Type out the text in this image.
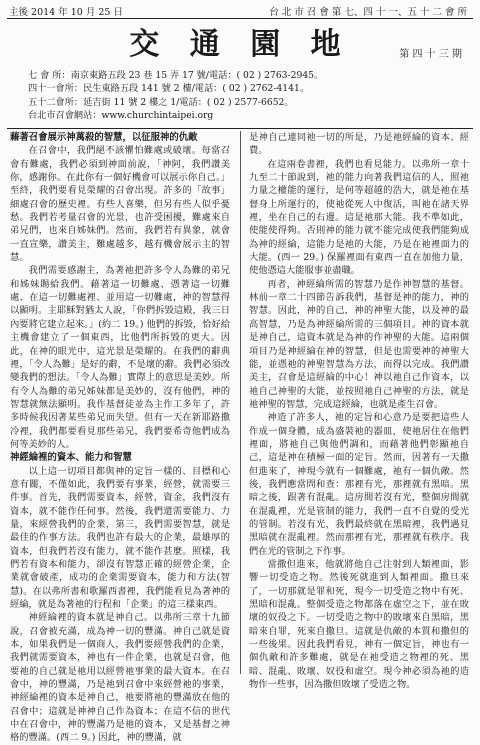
主後 2014 年 10 月 25 日	台 北 市 召 會 第 七、四 十 一、五 十 二 會 所
交 通 園 地	第 四 十 三 期
七 會 所：南京東路五段 23 巷 15 弄 17 號/電話：( 02 ) 2763-2945。
四十一會所：民生東路五段 141 號 2 樓/電話：( 02 ) 2762-4141。
五十二會所：延吉街 11 號 2 樓之 1/電話：( 02 ) 2577-6652。
台北市召會網站：www.churchintaipei.org
藉著召會展示神萬殺的智慧，以征服神的仇敵

在召會中，我們絕不該懼怕難處或破壞。每當召會有難處，我們必須到神面前說，「神阿，我們讚美你，感謝你。在此你有一個好機會可以展示你自己。」至終，我們要看見榮耀的召會出現。許多的「故事」細處召會的歷史裡。有些人喜樂，但另有些人似乎憂愁。我們若考量召會的光景，也許受困擾，難處來自弟兄們，也來自姊妹們。然而，我們若有異象，就會一直宣樂，讚美主，難處越多，越有機會展示主的智慧。

我們需要感謝主，為著祂把許多令人為難的弟兄和姊妹賜給我們。藉著這一切難處、憑著這一切難處、在這一切難處裡、並用這一切難處，神的智慧得以顯明。主耶穌對猶太人說，「你們拆毀這殿，我三日內要將它建立起來。」(約二 19。) 他們的拆毀，恰好給主機會建立了一個東西，比他們所拆毀的更大。因此，在神的眼光中，這光景是榮耀的。在我們的辭典裡，「令人為難」是好的辭，不是壞的辭。我們必須改變我們的想法。「令人為難」實際上的意思是美妙。所有令人為難的弟兄姊妹都是美妙的，沒有他們，神的智慧就無法顯明。我作基督徒並為主作工多年了，許多時候我因著某些弟兄而失望。但有一天在新耶路撒冷裡，我們都要看見那些弟兄，我們要希奇他們成為何等美妙的人。

神經綸裡的資本、能力和智慧

以上這一切項目都與神的定旨一樣的、目標和心意有關，不僅如此，我們要有事業，經營，就需要三件事。首先，我們需要資本，經營，資金，我們沒有資本，就不能作任何事。然後，我們還需要能力、力量，來經營我們的企業，第三，我們需要智慧，就是最佳的作事方法。我們也許有最大的企業，最雄厚的資本，但我們若沒有能力，就不能作甚麼。照樣，我們若有資本和能力，卻沒有智慧正確的經營企業，企業就會破產，成功的企業需要資本，能力和方法(智慧)。在以弗所書和歌羅西書裡，我們能看見為著神的經綸，就是為著祂的行程和「企業」的這三樣東西。

神經綸裡的資本就是神自己。以弗所三章十九節說，召會被充滿，成為神一切的豐滿。神自己就是資本，如果我們是一個商人，我們要經營我們的企業，我們就需要資本，神也有一件企業，也就是召會，他要祂的自己就是祂用以經營祂事業的最大資本。在召會中，神的豐滿，乃是祂到召會中來經營祂的事業，神經綸裡的資本是神自己，祂要將祂的豐滿放在他的召會中；這就是神神自己作為資本；在這不信的世代中在召會中，神的豐滿乃是祂的資本，又是基督之神格的豐滿。(西二 9。) 因此，神的豐滿，就

是神自己連同祂一切的所是，乃是祂經綸的資本、經費。

在這兩卷書裡，我們也看見能力。以弗所一章十九至二十節說到，祂的能力向著我們這信的人，照祂力量之權能的運行，是何等超越的浩大，就是祂在基督身上所運行的，使祂從死人中復活，叫祂在諸天界裡，坐在自己的右邊。這是祂那大能。我不準如此，使能使得夠。否則神的能力就不能完成使我們能夠成為神的經綸，這能力是祂的大能，乃是在祂裡面力的大能。(西一 29。) 保羅裡面有東西一直在加他力量，使他憑這大能服事並盡職。

再者，神經綸所需的智慧乃是作神智慧的基督。林前一章二十四節告訴我們，基督是神的能力，神的智慧。因此，神的自己，神的神聖大能，以及神的最高智慧，乃是為神經綸所需的三個項目。神的資本就是神自己，這資本就是為神的作神聖的大能。這兩個項目乃是神經綸在神的智慧，但是也需要神的神聖大能，並憑祂的神聖智慧為方法，而得以完成。我們讚美主，召會是這經綸的中心！神以祂自己作資本，以祂自己神聖的大能，並按照祂自己神聖的方法，就是祂神聖的智慧，完成這經綸，也就是產生召會。

神造了許多人，祂的定旨和心意乃是要把這些人作成一個身體，成為盛裝祂的器皿，使祂居住在他們裡面，將祂自己與他們調和，而藉著他們彰顯祂自己，這是神在積極一面的定旨。然而，因著有一天撒但進來了，神現今就有一個難處，祂有一個仇敵。然後，我們應當問和查：那裡有光，那裡就有黑暗。黑暗之後，跟著有混亂。這房間若沒有光，整個房間就在混亂裡，光是管制的能力，我們一直不自覺的受光的管制。若沒有光，我們最終就在黑暗裡，我們遇見黑暗就在混亂裡。然而那裡有光，那裡就有秩序。我們在光的管制之下作事。

當撒但進來，他就將他自己注射到人類裡面，影響一切受造之物。然後死就進到人類裡面。撒旦來了，一切那就是罪和死，現今一切受造之物中有死、黑暗和混亂。整個受造之物都落在虛空之下，並在敗壞的奴役之下。一切受造之物中的敗壞來自黑暗，黑暗來自罪，死來自撒旦。這就是仇敵的本質和撒但的一些後果。因此我們看見，神有一個定旨，神也有一個仇敵和許多難處，就是在祂受造之物裡的死、黑暗、混亂、敗壞、奴役和虛空。現今神必須為祂的造物作一些事，因為撒但敗壞了受造之物。
